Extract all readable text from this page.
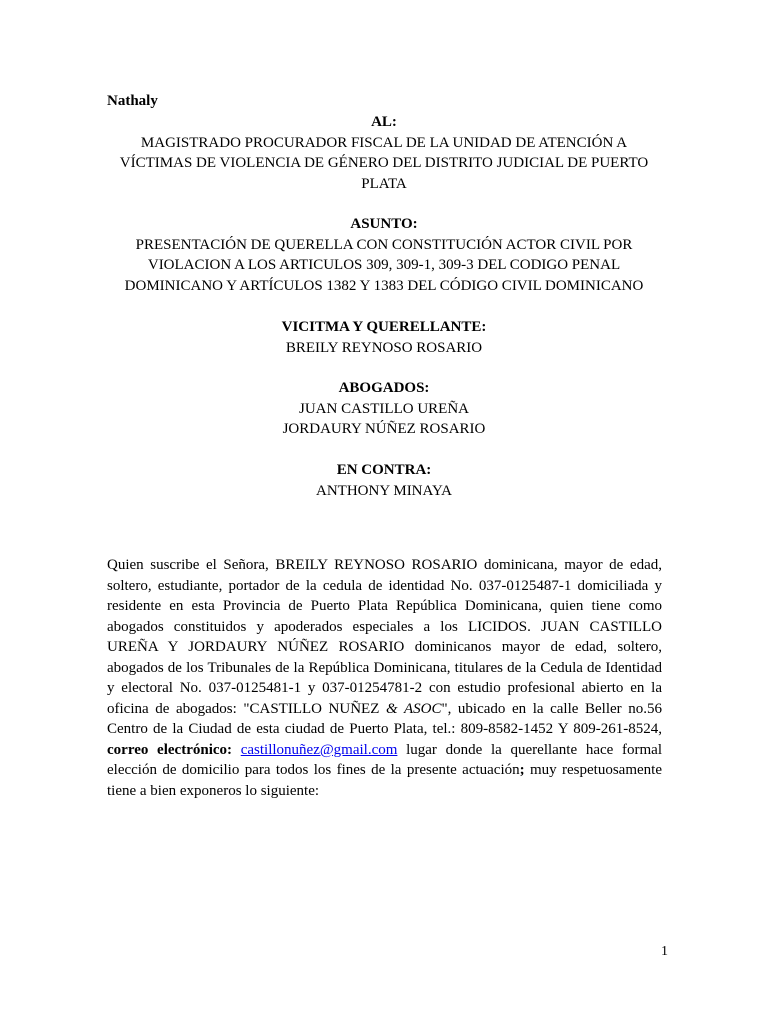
Nathaly
AL:
MAGISTRADO PROCURADOR FISCAL DE LA UNIDAD DE ATENCIÓN A
VÍCTIMAS DE VIOLENCIA DE GÉNERO DEL DISTRITO JUDICIAL DE PUERTO
PLATA
ASUNTO:
PRESENTACIÓN DE QUERELLA CON CONSTITUCIÓN ACTOR CIVIL POR
VIOLACION A LOS ARTICULOS 309, 309-1, 309-3 DEL CODIGO PENAL
DOMINICANO Y ARTÍCULOS 1382 Y 1383 DEL CÓDIGO CIVIL DOMINICANO
VICITMA Y QUERELLANTE:
BREILY REYNOSO ROSARIO
ABOGADOS:
JUAN CASTILLO UREÑA
JORDAURY NÚÑEZ ROSARIO
EN CONTRA:
ANTHONY MINAYA
Quien suscribe el Señora, BREILY REYNOSO ROSARIO dominicana, mayor de edad,
soltero, estudiante, portador de la cedula de identidad No. 037-0125487-1 domiciliada y
residente en esta Provincia de Puerto Plata República Dominicana, quien tiene como
abogados constituidos y apoderados especiales a los LICIDOS. JUAN CASTILLO
UREÑA Y JORDAURY NÚÑEZ ROSARIO dominicanos mayor de edad, soltero,
abogados de los Tribunales de la República Dominicana, titulares de la Cedula de Identidad
y electoral No. 037-0125481-1 y 037-01254781-2 con estudio profesional abierto en la
oficina de abogados: "CASTILLO NUÑEZ & ASOC", ubicado en la calle Beller no.56
Centro de la Ciudad de esta ciudad de Puerto Plata, tel.: 809-8582-1452 Y 809-261-8524,
correo electrónico: castillonuñez@gmail.com lugar donde la querellante hace formal
elección de domicilio para todos los fines de la presente actuación; muy respetuosamente
tiene a bien exponeros lo siguiente:
1
